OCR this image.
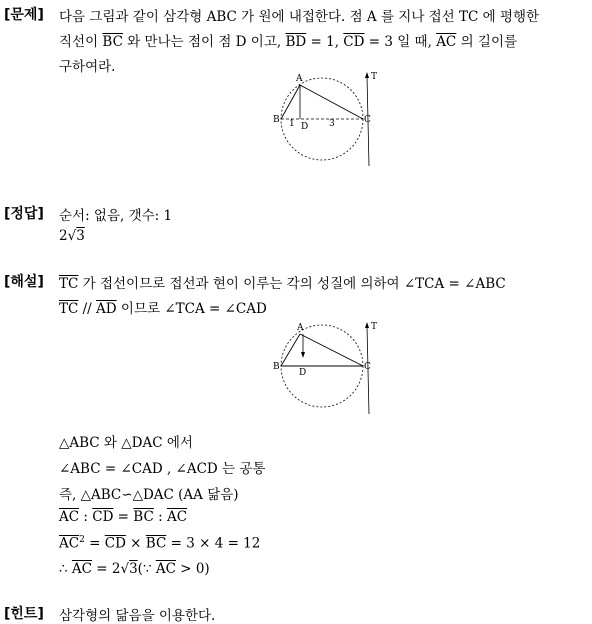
[문제] 다음 그림과 같이 삼각형 ABC 가 원에 내접한다. 점 A 를 지나 접선 TC 에 평행한
직선이 $\overline{BC}$ 와 만나는 점이 점 D 이고, $\overline{BD} = 1$, $\overline{CD} = 3$ 일 때, $\overline{AC}$ 의 길이를
구하여라.
A
B	C
D
T
1	3
[정답] 순서: 없음, 갯수: 1
2√3
[해설] $\overline{TC}$ 가 접선이므로 접선과 현이 이루는 각의 성질에 의하여 ∠TCA = ∠ABC
$\overline{TC} // \overline{AD}$ 이므로 ∠TCA = ∠CAD
A
B	C
D
T
△ABC 와 △DAC 에서
∠ABC = ∠CAD , ∠ACD 는 공통
즉, △ABC∽△DAC (AA 닮음)
$\overline{AC}$ : $\overline{CD} = \overline{BC}$ : $\overline{AC}$
$\overline{AC}^2 = \overline{CD} \times \overline{BC} = 3 \times 4 = 12$
∴ $\overline{AC}$ = 2√3(∵ $\overline{AC} > 0$)
[힌트] 삼각형의 닮음을 이용한다.
